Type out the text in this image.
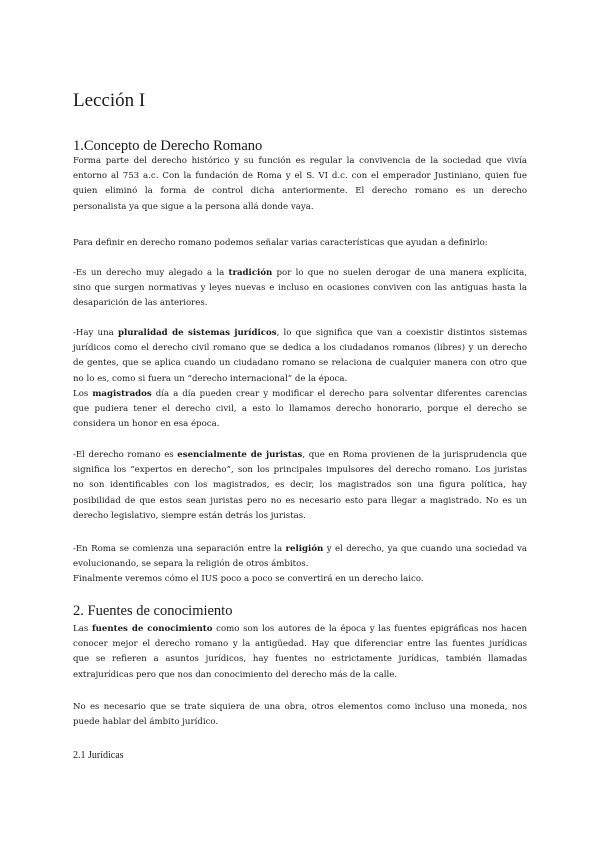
Lección I
1.Concepto de Derecho Romano
Forma parte del derecho histórico y su función es regular la convivencia de la sociedad que vivía
entorno al 753 a.c. Con la fundación de Roma y el S. VI d.c. con el emperador Justiniano, quien fue
quien eliminó la forma de control dicha anteriormente. El derecho romano es un derecho
personalista ya que sigue a la persona allá donde vaya.
Para definir en derecho romano podemos señalar varias características que ayudan a definirlo:
-Es un derecho muy alegado a la tradición por lo que no suelen derogar de una manera explícita,
sino que surgen normativas y leyes nuevas e incluso en ocasiones conviven con las antiguas hasta la
desaparición de las anteriores.
-Hay una pluralidad de sistemas jurídicos, lo que significa que van a coexistir distintos sistemas
jurídicos como el derecho civil romano que se dedica a los ciudadanos romanos (libres) y un derecho
de gentes, que se aplica cuando un ciudadano romano se relaciona de cualquier manera con otro que
no lo es, como si fuera un “derecho internacional” de la época.
Los magistrados día a día pueden crear y modificar el derecho para solventar diferentes carencias
que pudiera tener el derecho civil, a esto lo llamamos derecho honorario, porque el derecho se
considera un honor en esa época.
-El derecho romano es esencialmente de juristas, que en Roma provienen de la jurisprudencia que
significa los “expertos en derecho”, son los principales impulsores del derecho romano. Los juristas
no son identificables con los magistrados, es decir, los magistrados son una figura política, hay
posibilidad de que estos sean juristas pero no es necesario esto para llegar a magistrado. No es un
derecho legislativo, siempre están detrás los juristas.
-En Roma se comienza una separación entre la religión y el derecho, ya que cuando una sociedad va
evolucionando, se separa la religión de otros ámbitos.
Finalmente veremos cómo el IUS poco a poco se convertirá en un derecho laico.
2. Fuentes de conocimiento
Las fuentes de conocimiento como son los autores de la época y las fuentes epigráficas nos hacen
conocer mejor el derecho romano y la antigüedad. Hay que diferenciar entre las fuentes jurídicas
que se refieren a asuntos jurídicos, hay fuentes no estrictamente jurídicas, también llamadas
extrajurídicas pero que nos dan conocimiento del derecho más de la calle.
No es necesario que se trate siquiera de una obra, otros elementos como incluso una moneda, nos
puede hablar del ámbito jurídico.
2.1 Jurídicas
